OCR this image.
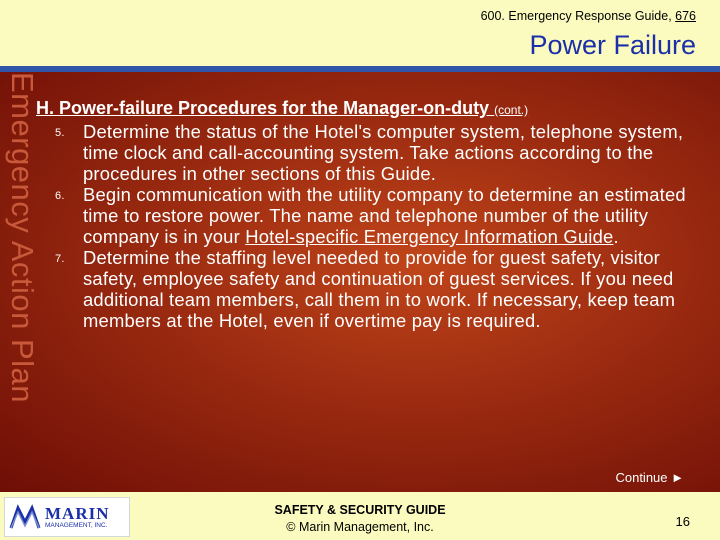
600. Emergency Response Guide, 676
Power Failure
Emergency Action Plan
H. Power-failure Procedures for the Manager-on-duty (cont.)
5. Determine the status of the Hotel's computer system, telephone system, time clock and call-accounting system. Take actions according to the procedures in other sections of this Guide.
6. Begin communication with the utility company to determine an estimated time to restore power. The name and telephone number of the utility company is in your Hotel-specific Emergency Information Guide.
7. Determine the staffing level needed to provide for guest safety, visitor safety, employee safety and continuation of guest services. If you need additional team members, call them in to work. If necessary, keep team members at the Hotel, even if overtime pay is required.
Continue ►
MARIN
MANAGEMENT, INC.
SAFETY & SECURITY GUIDE
© Marin Management, Inc.	16
